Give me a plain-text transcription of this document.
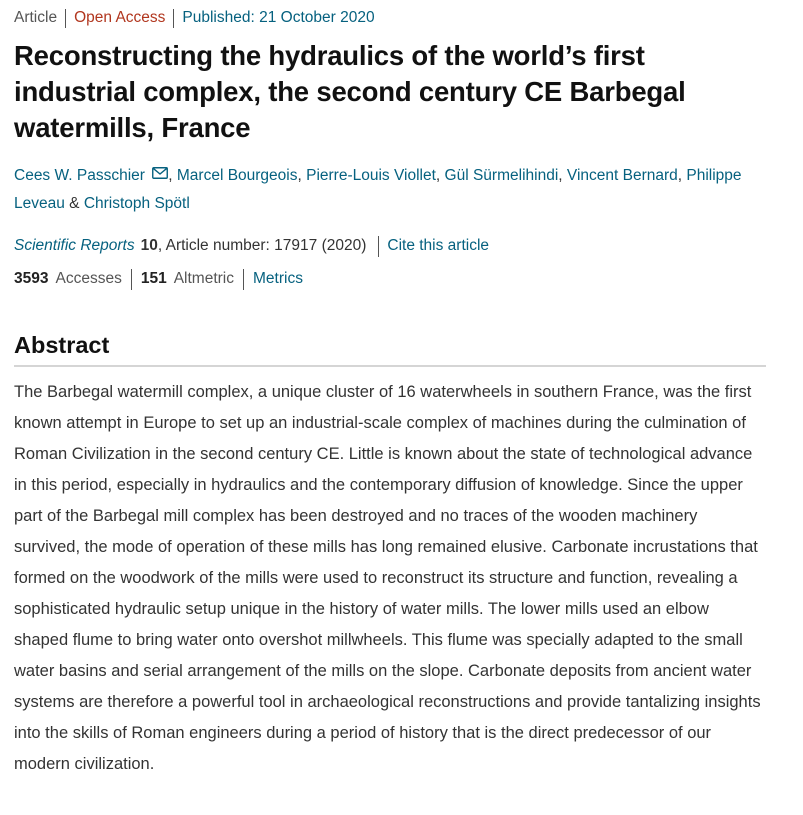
Article Open Access Published: 21 October 2020
Reconstructing the hydraulics of the world’s first industrial complex, the second century CE Barbegal watermills, France
Cees W. Passchier , Marcel Bourgeois, Pierre-Louis Viollet, Gül Sürmelihindi, Vincent Bernard, Philippe Leveau & Christoph Spötl
Scientific Reports 10 , Article number: 17917 (2020) Cite this article
3593 Accesses 151 Altmetric Metrics
Abstract

The Barbegal watermill complex, a unique cluster of 16 waterwheels in southern France, was the first known attempt in Europe to set up an industrial-scale complex of machines during the culmination of Roman Civilization in the second century CE. Little is known about the state of technological advance in this period, especially in hydraulics and the contemporary diffusion of knowledge. Since the upper part of the Barbegal mill complex has been destroyed and no traces of the wooden machinery survived, the mode of operation of these mills has long remained elusive. Carbonate incrustations that formed on the woodwork of the mills were used to reconstruct its structure and function, revealing a sophisticated hydraulic setup unique in the history of water mills. The lower mills used an elbow shaped flume to bring water onto overshot millwheels. This flume was specially adapted to the small water basins and serial arrangement of the mills on the slope. Carbonate deposits from ancient water systems are therefore a powerful tool in archaeological reconstructions and provide tantalizing insights into the skills of Roman engineers during a period of history that is the direct predecessor of our modern civilization.
